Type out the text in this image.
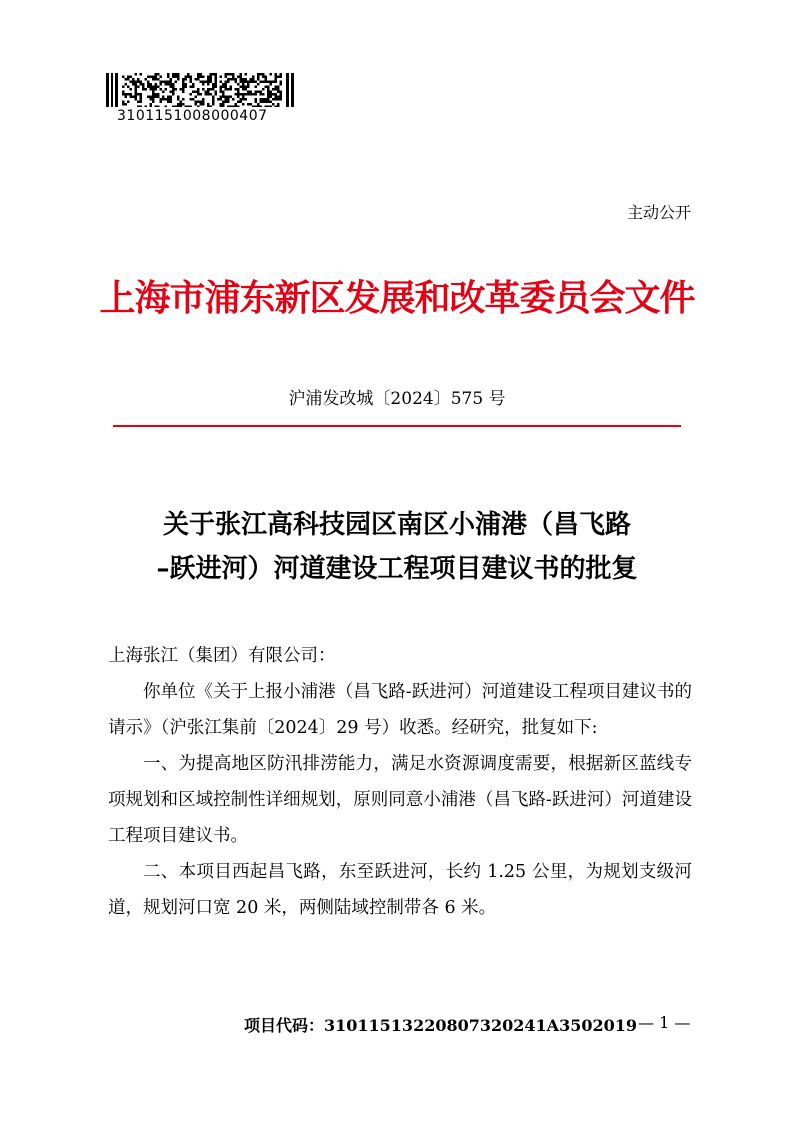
3101151008000407
主动公开
上海市浦东新区发展和改革委员会文件
沪浦发改城〔2024〕575 号
关于张江高科技园区南区小浦港（昌飞路
–跃进河）河道建设工程项目建议书的批复

上海张江（集团）有限公司：

你单位《关于上报小浦港（昌飞路-跃进河）河道建设工程项目建议书的请示》（沪张江集前〔2024〕29 号）收悉。经研究，批复如下:

一、为提高地区防汛排涝能力，满足水资源调度需要，根据新区蓝线专项规划和区域控制性详细规划，原则同意小浦港（昌飞路-跃进河）河道建设工程项目建议书。

二、本项目西起昌飞路，东至跃进河，长约 1.25 公里，为规划支级河道，规划河口宽 20 米，两侧陆域控制带各 6 米。

项目代码：31011513220807320241A3502019 — 1 —
